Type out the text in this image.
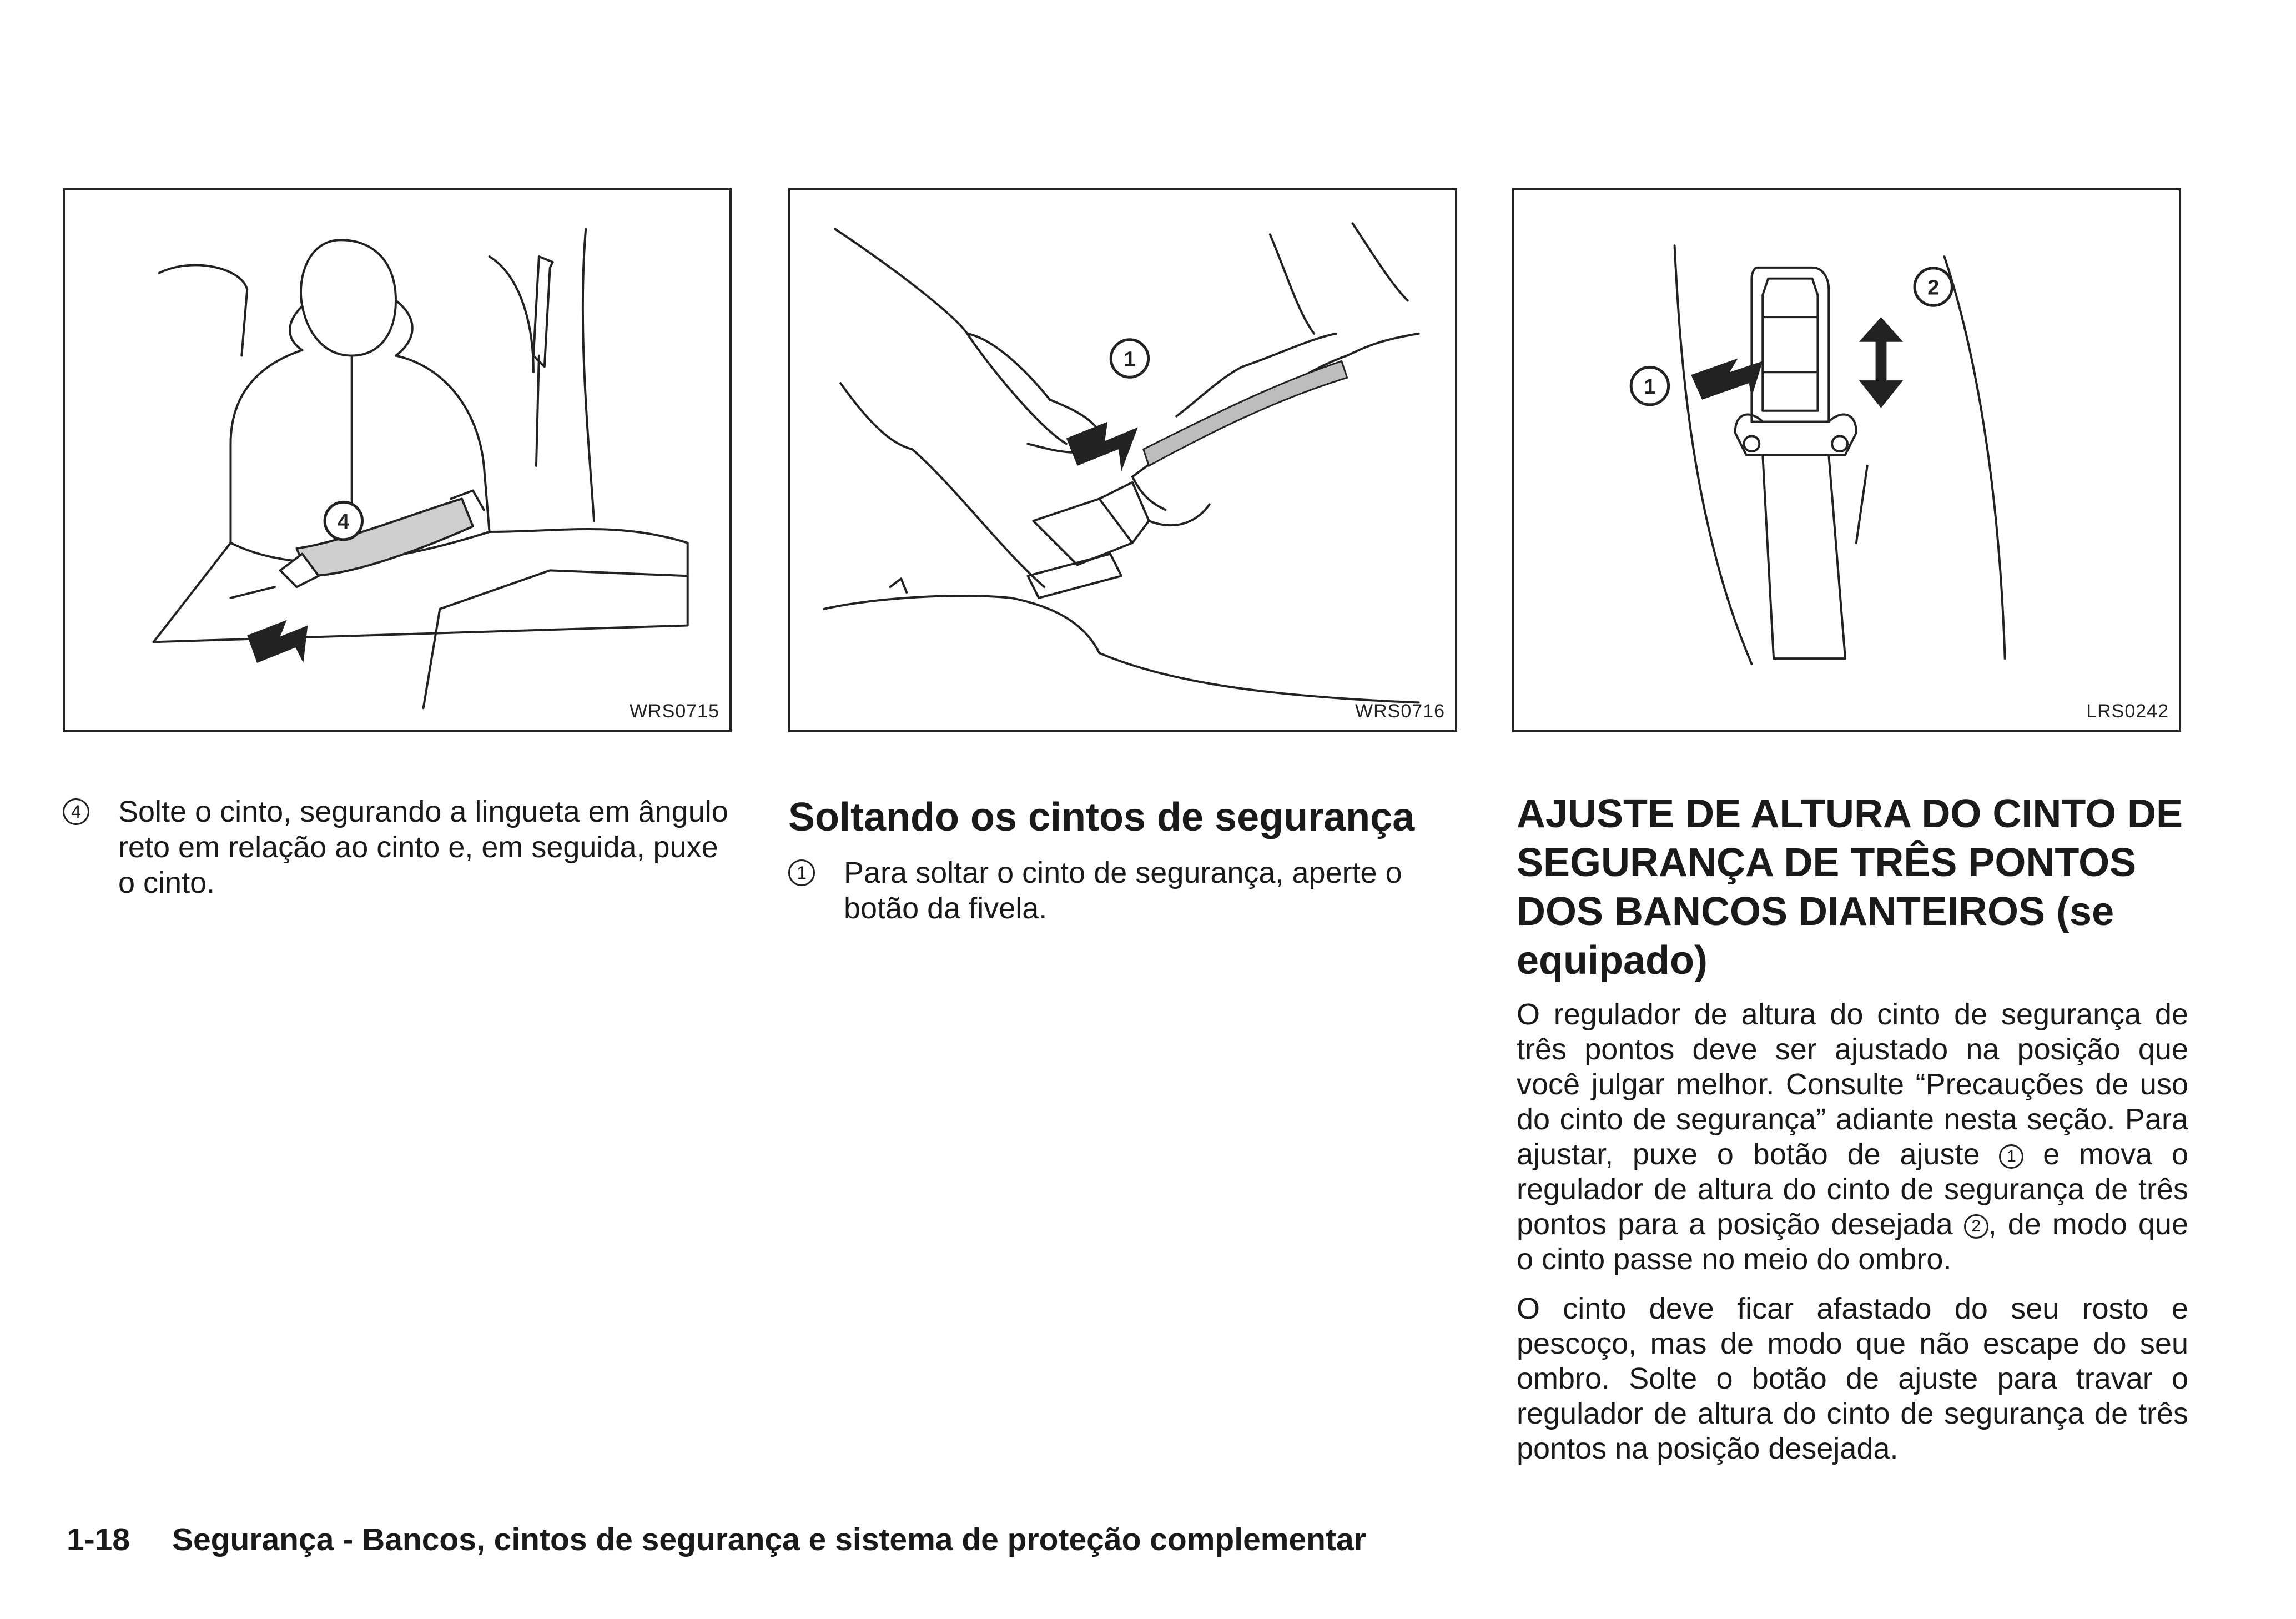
4
WRS0715
1
WRS0716
1
2
LRS0242
4 Solte o cinto, segurando a lingueta em ângulo reto em relação ao cinto e, em seguida, puxe o cinto.
Soltando os cintos de segurança
1 Para soltar o cinto de segurança, aperte o botão da fivela.
AJUSTE DE ALTURA DO CINTO DE SEGURANÇA DE TRÊS PONTOS DOS BANCOS DIANTEIROS (se equipado)

O regulador de altura do cinto de segurança de três pontos deve ser ajustado na posição que você julgar melhor. Consulte “Precauções de uso do cinto de segurança” adiante nesta seção. Para ajustar, puxe o botão de ajuste 1 e mova o regulador de altura do cinto de segurança de três pontos para a posição desejada 2 , de modo que o cinto passe no meio do ombro.

O cinto deve ficar afastado do seu rosto e pescoço, mas de modo que não escape do seu ombro. Solte o botão de ajuste para travar o regulador de altura do cinto de segurança de três pontos na posição desejada.

1-18 Segurança - Bancos, cintos de segurança e sistema de proteção complementar
